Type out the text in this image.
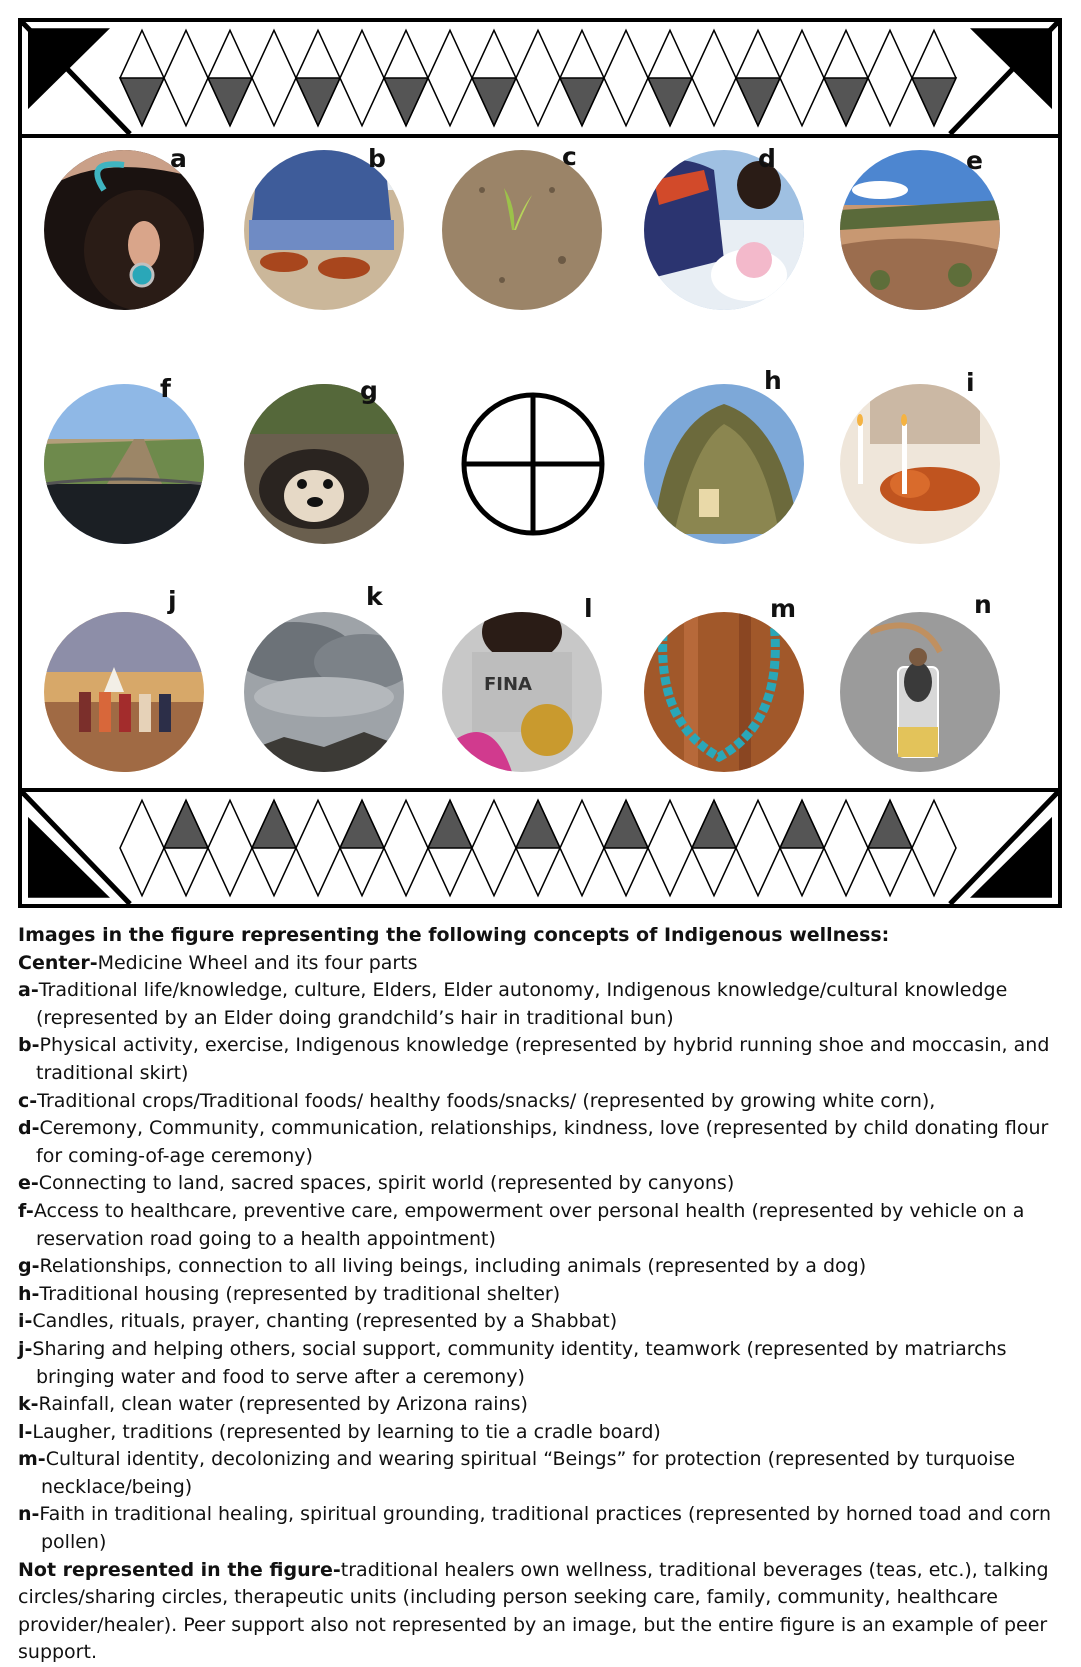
a	b	c	d	e
f	g	h	i
j	k
FINA
l	m	n

Images in the figure representing the following concepts of Indigenous wellness:

Center-Medicine Wheel and its four parts

a-Traditional life/knowledge, culture, Elders, Elder autonomy, Indigenous knowledge/cultural knowledge

(represented by an Elder doing grandchild’s hair in traditional bun)

b-Physical activity, exercise, Indigenous knowledge (represented by hybrid running shoe and moccasin, and

traditional skirt)

c-Traditional crops/Traditional foods/ healthy foods/snacks/ (represented by growing white corn),

d-Ceremony, Community, communication, relationships, kindness, love (represented by child donating flour

for coming-of-age ceremony)

e-Connecting to land, sacred spaces, spirit world (represented by canyons)

f-Access to healthcare, preventive care, empowerment over personal health (represented by vehicle on a

reservation road going to a health appointment)

g-Relationships, connection to all living beings, including animals (represented by a dog)

h-Traditional housing (represented by traditional shelter)

i-Candles, rituals, prayer, chanting (represented by a Shabbat)

j-Sharing and helping others, social support, community identity, teamwork (represented by matriarchs

bringing water and food to serve after a ceremony)

k-Rainfall, clean water (represented by Arizona rains)

l-Laugher, traditions (represented by learning to tie a cradle board)

m-Cultural identity, decolonizing and wearing spiritual “Beings” for protection (represented by turquoise

necklace/being)

n-Faith in traditional healing, spiritual grounding, traditional practices (represented by horned toad and corn

pollen)

Not represented in the figure-traditional healers own wellness, traditional beverages (teas, etc.), talking

circles/sharing circles, therapeutic units (including person seeking care, family, community, healthcare

provider/healer). Peer support also not represented by an image, but the entire figure is an example of peer

support.
